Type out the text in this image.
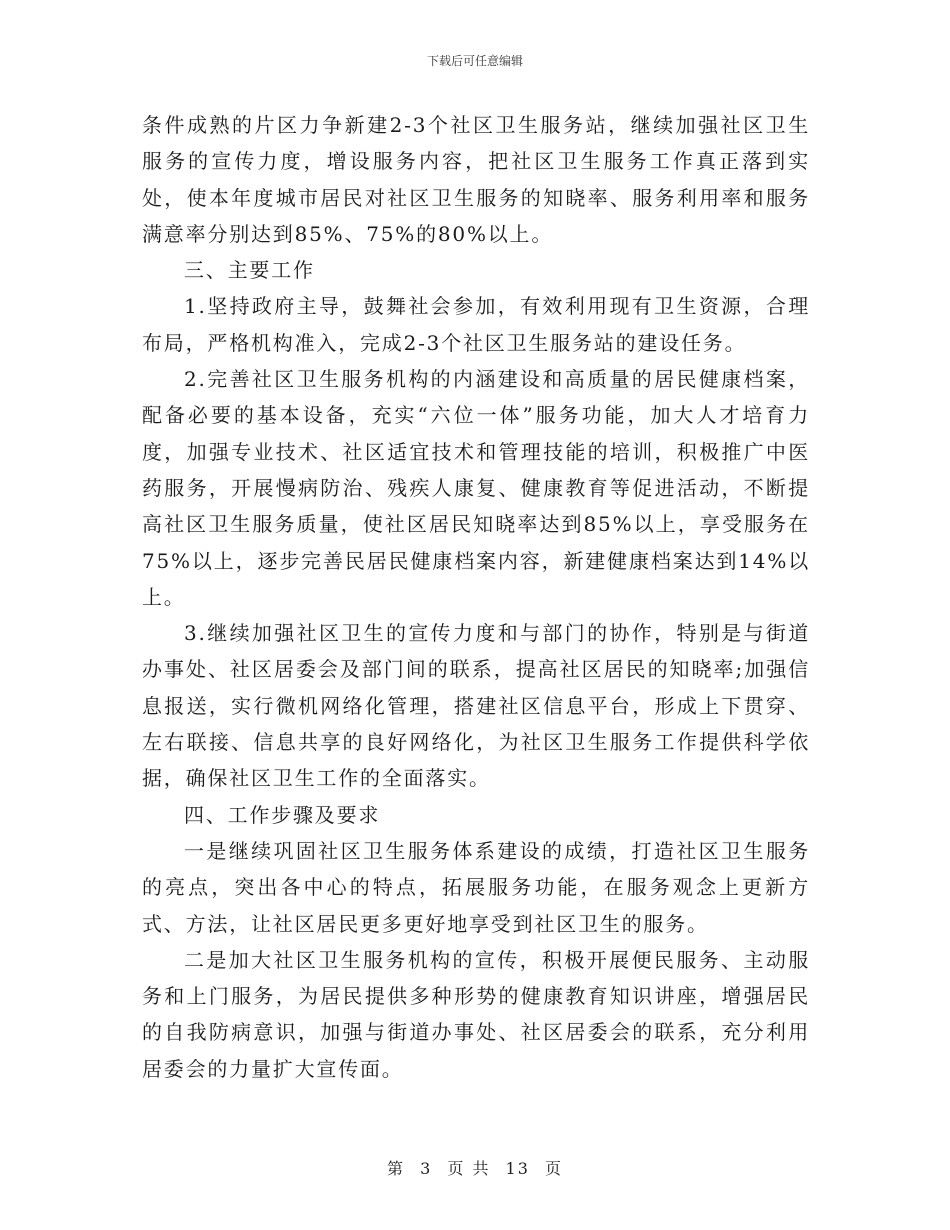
下载后可任意编辑

条件成熟的片区力争新建2-3个社区卫生服务站，继续加强社区卫生服务的宣传力度，增设服务内容，把社区卫生服务工作真正落到实处，使本年度城市居民对社区卫生服务的知晓率、服务利用率和服务满意率分别达到85%、75%的80%以上。

三、主要工作

1.坚持政府主导，鼓舞社会参加，有效利用现有卫生资源，合理布局，严格机构准入，完成2-3个社区卫生服务站的建设任务。

2.完善社区卫生服务机构的内涵建设和高质量的居民健康档案，配备必要的基本设备，充实“六位一体”服务功能，加大人才培育力度，加强专业技术、社区适宜技术和管理技能的培训，积极推广中医药服务，开展慢病防治、残疾人康复、健康教育等促进活动，不断提高社区卫生服务质量，使社区居民知晓率达到85%以上，享受服务在75%以上，逐步完善民居民健康档案内容，新建健康档案达到14%以上。

3.继续加强社区卫生的宣传力度和与部门的协作，特别是与街道办事处、社区居委会及部门间的联系，提高社区居民的知晓率;加强信息报送，实行微机网络化管理，搭建社区信息平台，形成上下贯穿、左右联接、信息共享的良好网络化，为社区卫生服务工作提供科学依据，确保社区卫生工作的全面落实。

四、工作步骤及要求

一是继续巩固社区卫生服务体系建设的成绩，打造社区卫生服务的亮点，突出各中心的特点，拓展服务功能，在服务观念上更新方式、方法，让社区居民更多更好地享受到社区卫生的服务。

二是加大社区卫生服务机构的宣传，积极开展便民服务、主动服务和上门服务，为居民提供多种形势的健康教育知识讲座，增强居民的自我防病意识，加强与街道办事处、社区居委会的联系，充分利用居委会的力量扩大宣传面。

第 3 页 共 13 页
